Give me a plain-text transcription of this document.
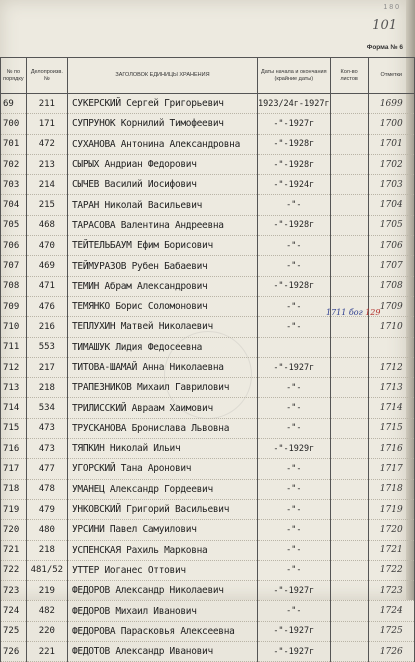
1 8 0
101
Форма № 6
№ по порядку	Делопроизв. №	ЗАГОЛОВОК ЕДИНИЦЫ ХРАНЕНИЯ	Даты начала и окончания (крайние даты)	Кол-во листов	Отметки
69	211	СУКЕРСКИЙ Сергей Григорьевич	1923/24г-1927г		1699
700	171	СУПРУНОК Корнилий Тимофеевич	-"-1927г		1700
701	472	СУХАНОВА Антонина Александровна	-"-1928г		1701
702	213	СЫРЫХ Андриан Федорович	-"-1928г		1702
703	214	СЫЧЕВ Василий Иосифович	-"-1924г		1703
704	215	ТАРАН Николай Васильевич	-"-		1704
705	468	ТАРАСОВА Валентина Андреевна	-"-1928г		1705
706	470	ТЕЙТЕЛЬБАУМ Ефим Борисович	-"-		1706
707	469	ТЕЙМУРАЗОВ Рубен Бабаевич	-"-		1707
708	471	ТЕМИН Абрам Александрович	-"-1928г		1708
709	476	ТЕМЯНКО Борис Соломонович	-"-		1709
710	216	ТЕПЛУХИН Матвей Николаевич	-"-		1710
711	553	ТИМАШУК Лидия Федосеевна			
712	217	ТИТОВА-ШАМАЙ Анна Николаевна	-"-1927г		1712
713	218	ТРАПЕЗНИКОВ Михаил Гаврилович	-"-		1713
714	534	ТРИЛИССКИЙ Авраам Хаимович	-"-		1714
715	473	ТРУСКАНОВА Бронислава Львовна	-"-		1715
716	473	ТЯПКИН Николай Ильич	-"-1929г		1716
717	477	УГОРСКИЙ Тана Аронович	-"-		1717
718	478	УМАНЕЦ Александр Гордеевич	-"-		1718
719	479	УНКОВСКИЙ Григорий Васильевич	-"-		1719
720	480	УРСИНИ Павел Самуилович	-"-		1720
721	218	УСПЕНСКАЯ Рахиль Марковна	-"-		1721
722	481/52	УТТЕР Иоганес Оттович	-"-		1722
723	219	ФЕДОРОВ Александр Николаевич	-"-1927г		1723
724	482	ФЕДОРОВ Михаил Иванович	-"-		1724
725	220	ФЕДОРОВА Парасковья Алексеевна	-"-1927г		1725
726	221	ФЕДОТОВ Александр Иванович	-"-1927г		1726
1711 бог 129
